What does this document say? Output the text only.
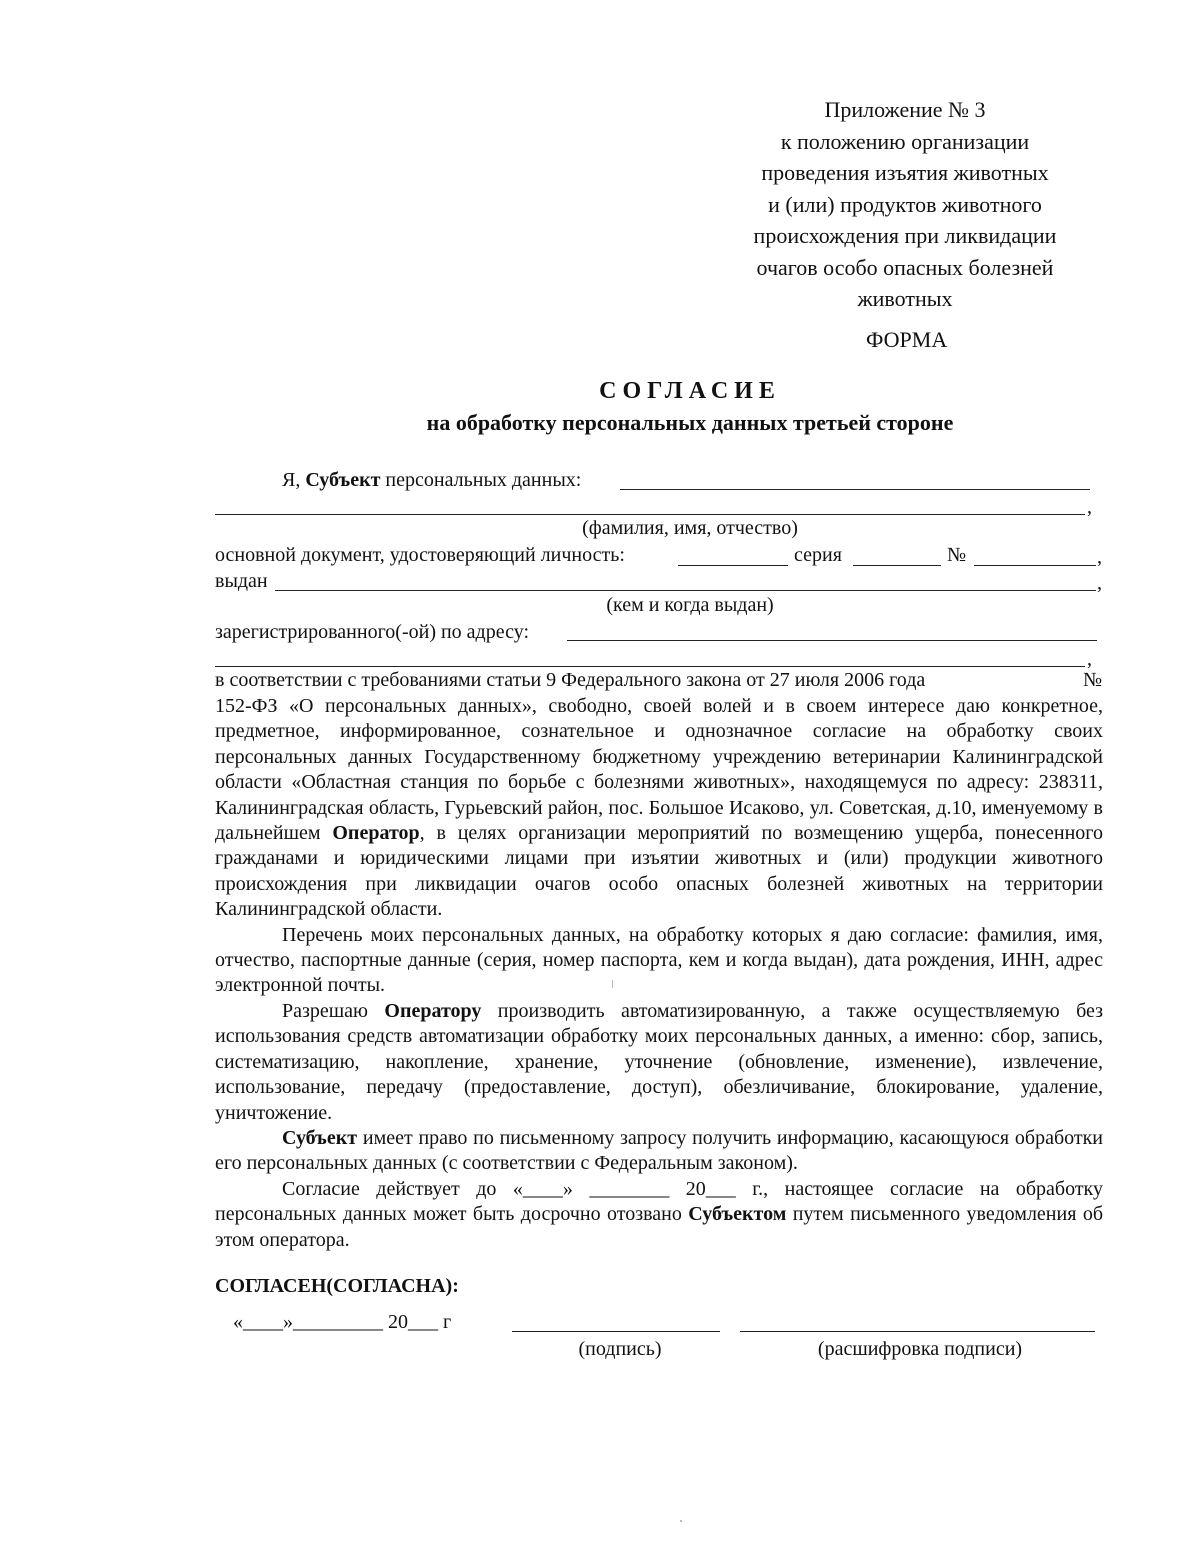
Приложение № 3
к положению организации
проведения изъятия животных
и (или) продуктов животного
происхождения при ликвидации
очагов особо опасных болезней
животных
ФОРМА
СОГЛАСИЕ
на обработку персональных данных третьей стороне
Я, Субъект персональных данных:
,
(фамилия, имя, отчество)
основной документ, удостоверяющий личность:	серия	№	,
выдан	,
(кем и когда выдан)
зарегистрированного(-ой) по адресу:
,
в соответствии с требованиями статьи 9 Федерального закона от 27 июля 2006 года	№

152-ФЗ «О персональных данных», свободно, своей волей и в своем интересе даю конкретное, предметное, информированное, сознательное и однозначное согласие на обработку своих персональных данных Государственному бюджетному учреждению ветеринарии Калининградской области «Областная станция по борьбе с болезнями животных», находящемуся по адресу: 238311, Калининградская область, Гурьевский район, пос. Большое Исаково, ул. Советская, д.10, именуемому в дальнейшем Оператор, в целях организации мероприятий по возмещению ущерба, понесенного гражданами и юридическими лицами при изъятии животных и (или) продукции животного происхождения при ликвидации очагов особо опасных болезней животных на территории Калининградской области.

Перечень моих персональных данных, на обработку которых я даю согласие: фамилия, имя, отчество, паспортные данные (серия, номер паспорта, кем и когда выдан), дата рождения, ИНН, адрес электронной почты.

Разрешаю Оператору производить автоматизированную, а также осуществляемую без использования средств автоматизации обработку моих персональных данных, а именно: сбор, запись, систематизацию, накопление, хранение, уточнение (обновление, изменение), извлечение, использование, передачу (предоставление, доступ), обезличивание, блокирование, удаление, уничтожение.

Субъект имеет право по письменному запросу получить информацию, касающуюся обработки его персональных данных (с соответствии с Федеральным законом).

Согласие действует до «____» ________ 20___ г., настоящее согласие на обработку персональных данных может быть досрочно отозвано Субъектом путем письменного уведомления об этом оператора.

СОГЛАСЕН(СОГЛАСНА):
«____»_________ 20___ г
(подпись)	(расшифровка подписи)
